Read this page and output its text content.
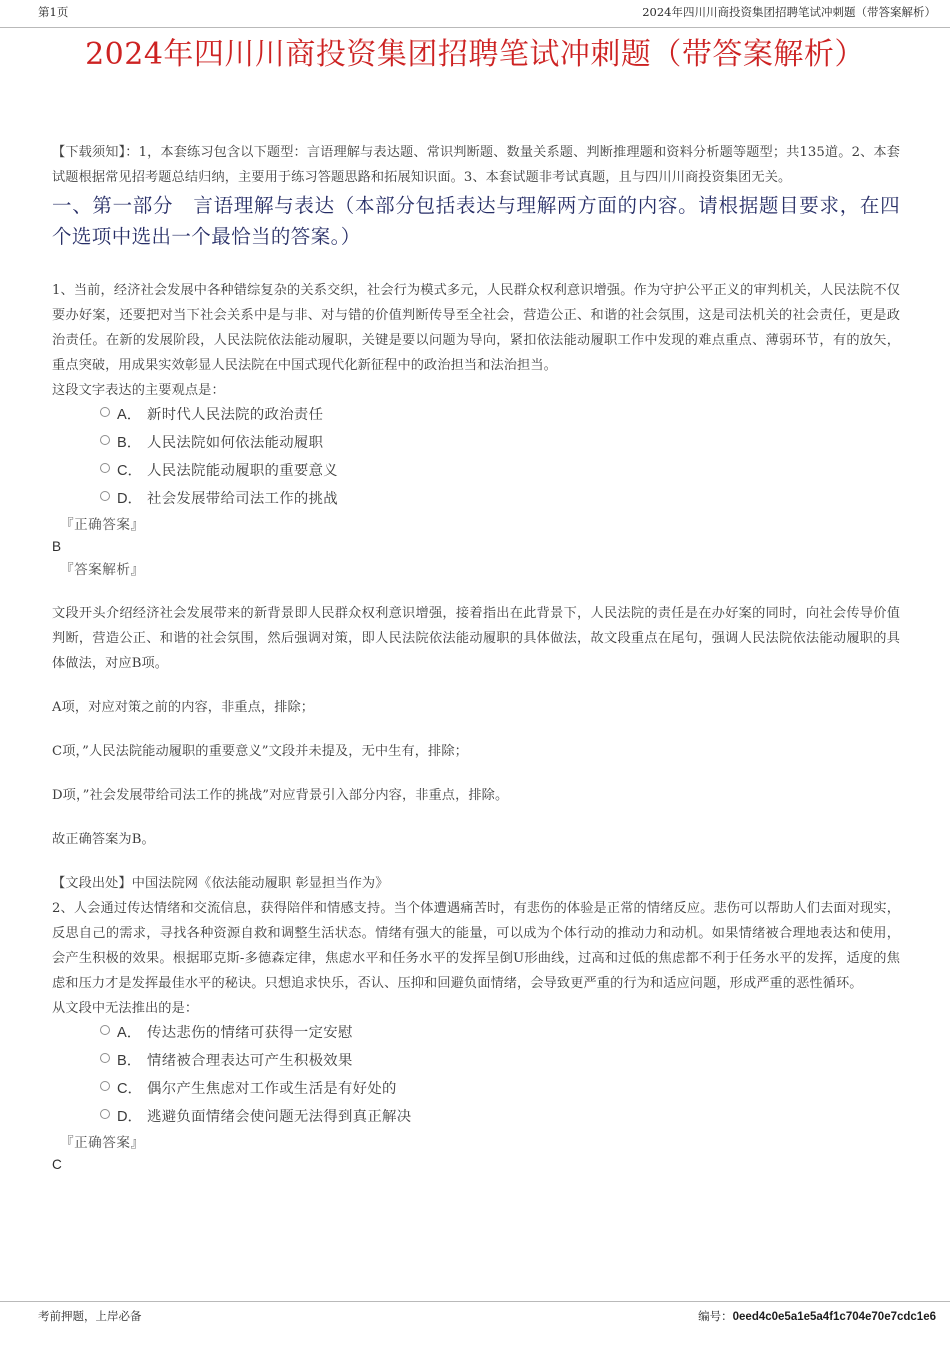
第1页	2024年四川川商投资集团招聘笔试冲刺题（带答案解析）
2024年四川川商投资集团招聘笔试冲刺题（带答案解析）

【下载须知】：1，本套练习包含以下题型：言语理解与表达题、常识判断题、数量关系题、判断推理题和资料分析题等题型；共135道。2、本套试题根据常见招考题总结归纳，主要用于练习答题思路和拓展知识面。3、本套试题非考试真题，且与四川川商投资集团无关。

一、第一部分　言语理解与表达（本部分包括表达与理解两方面的内容。请根据题目要求，在四个选项中选出一个最恰当的答案。）

1、当前，经济社会发展中各种错综复杂的关系交织，社会行为模式多元，人民群众权利意识增强。作为守护公平正义的审判机关，人民法院不仅要办好案，还要把对当下社会关系中是与非、对与错的价值判断传导至全社会，营造公正、和谐的社会氛围，这是司法机关的社会责任，更是政治责任。在新的发展阶段，人民法院依法能动履职，关键是要以问题为导向，紧扣依法能动履职工作中发现的难点重点、薄弱环节，有的放矢，重点突破，用成果实效彰显人民法院在中国式现代化新征程中的政治担当和法治担当。

这段文字表达的主要观点是：

A． 新时代人民法院的政治责任
B． 人民法院如何依法能动履职
C． 人民法院能动履职的重要意义
D． 社会发展带给司法工作的挑战

『正确答案』

B

『答案解析』

文段开头介绍经济社会发展带来的新背景即人民群众权利意识增强，接着指出在此背景下，人民法院的责任是在办好案的同时，向社会传导价值判断，营造公正、和谐的社会氛围，然后强调对策，即人民法院依法能动履职的具体做法，故文段重点在尾句，强调人民法院依法能动履职的具体做法，对应B项。

A项，对应对策之前的内容，非重点，排除；

C项，”人民法院能动履职的重要意义”文段并未提及，无中生有，排除；

D项，”社会发展带给司法工作的挑战”对应背景引入部分内容，非重点，排除。

故正确答案为B。

【文段出处】中国法院网《依法能动履职 彰显担当作为》

2、人会通过传达情绪和交流信息，获得陪伴和情感支持。当个体遭遇痛苦时，有悲伤的体验是正常的情绪反应。悲伤可以帮助人们去面对现实，反思自己的需求，寻找各种资源自救和调整生活状态。情绪有强大的能量，可以成为个体行动的推动力和动机。如果情绪被合理地表达和使用，会产生积极的效果。根据耶克斯-多德森定律，焦虑水平和任务水平的发挥呈倒U形曲线，过高和过低的焦虑都不利于任务水平的发挥，适度的焦虑和压力才是发挥最佳水平的秘诀。只想追求快乐，否认、压抑和回避负面情绪，会导致更严重的行为和适应问题，形成严重的恶性循环。

从文段中无法推出的是：

A． 传达悲伤的情绪可获得一定安慰
B． 情绪被合理表达可产生积极效果
C． 偶尔产生焦虑对工作或生活是有好处的
D． 逃避负面情绪会使问题无法得到真正解决

『正确答案』

C

考前押题，上岸必备	编号：0eed4c0e5a1e5a4f1c704e70e7cdc1e6
